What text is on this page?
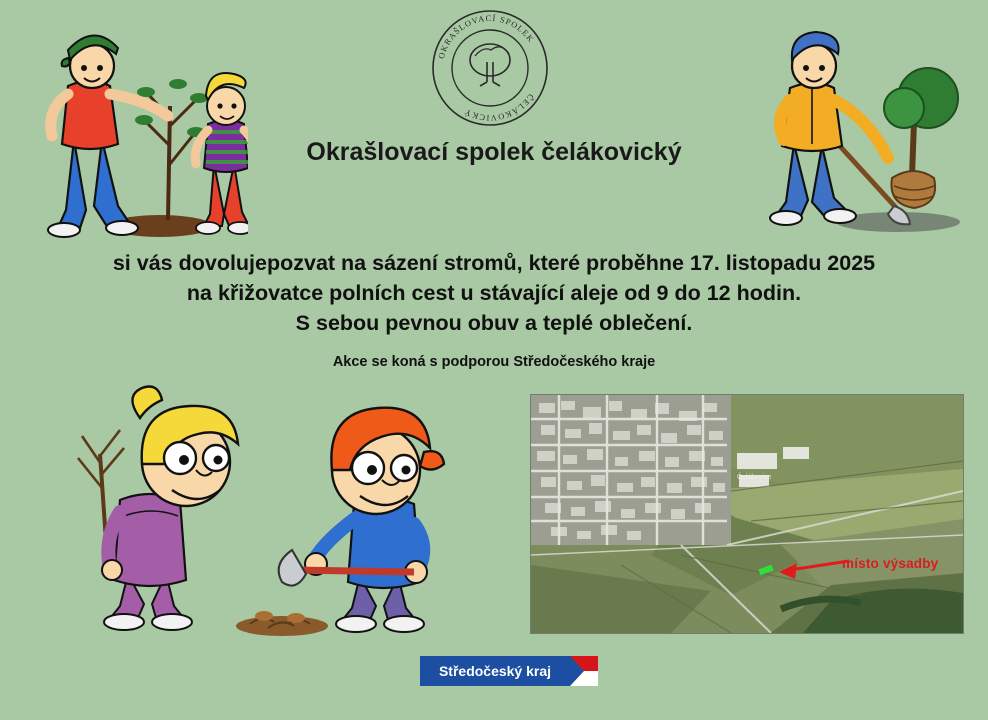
OKRAŠLOVACÍ SPOLEK
ČELÁKOVICKÝ
Okrašlovací spolek čelákovický
si vás dovolujepozvat na sázení stromů, které proběhne 17. listopadu 2025
na křižovatce polních cest u stávající aleje od 9 do 12 hodin.
S sebou pevnou obuv a teplé oblečení.
Akce se koná s podporou Středočeského kraje
Čelákovice
místo výsadby
Středočeský kraj
